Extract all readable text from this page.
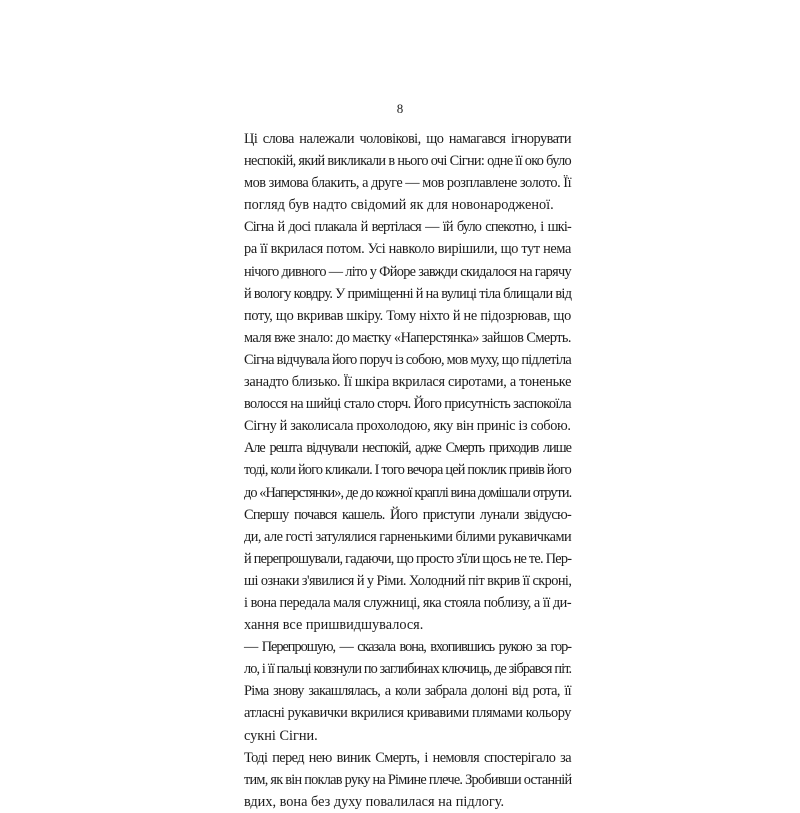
8

Ці слова належали чоловікові, що намагався ігнорувати
неспокій, який викликали в нього очі Сігни: одне її око було
мов зимова блакить, а друге — мов розплавлене золото. Її
погляд був надто свідомий як для новонародженої.

Сігна й досі плакала й вертілася — їй було спекотно, і шкі-
ра її вкрилася потом. Усі навколо вирішили, що тут нема
нічого дивного — літо у Фйоре завжди скидалося на гарячу
й вологу ковдру. У приміщенні й на вулиці тіла блищали від
поту, що вкривав шкіру. Тому ніхто й не підозрював, що
маля вже знало: до маєтку «Наперстянка» зайшов Смерть.
Сігна відчувала його поруч із собою, мов муху, що підлетіла
занадто близько. Її шкіра вкрилася сиротами, а тоненьке
волосся на шийці стало сторч. Його присутність заспокоїла
Сігну й заколисала прохолодою, яку він приніс із собою.

Але решта відчували неспокій, адже Смерть приходив лише
тоді, коли його кликали. І того вечора цей поклик привів його
до «Наперстянки», де до кожної краплі вина домішали отрути.

Спершу почався кашель. Його приступи лунали звідусю-
ди, але гості затулялися гарненькими білими рукавичками
й перепрошували, гадаючи, що просто з'їли щось не те. Пер-
ші ознаки з'явилися й у Ріми. Холодний піт вкрив її скроні,
і вона передала маля служниці, яка стояла поблизу, а її ди-
хання все пришвидшувалося.

— Перепрошую, — сказала вона, вхопившись рукою за гор-
ло, і її пальці ковзнули по заглибинах ключиць, де зібрався піт.

Ріма знову закашлялась, а коли забрала долоні від рота, її
атласні рукавички вкрилися кривавими плямами кольору
сукні Сігни.

Тоді перед нею виник Смерть, і немовля спостерігало за
тим, як він поклав руку на Рімине плече. Зробивши останній
вдих, вона без духу повалилася на підлогу.
